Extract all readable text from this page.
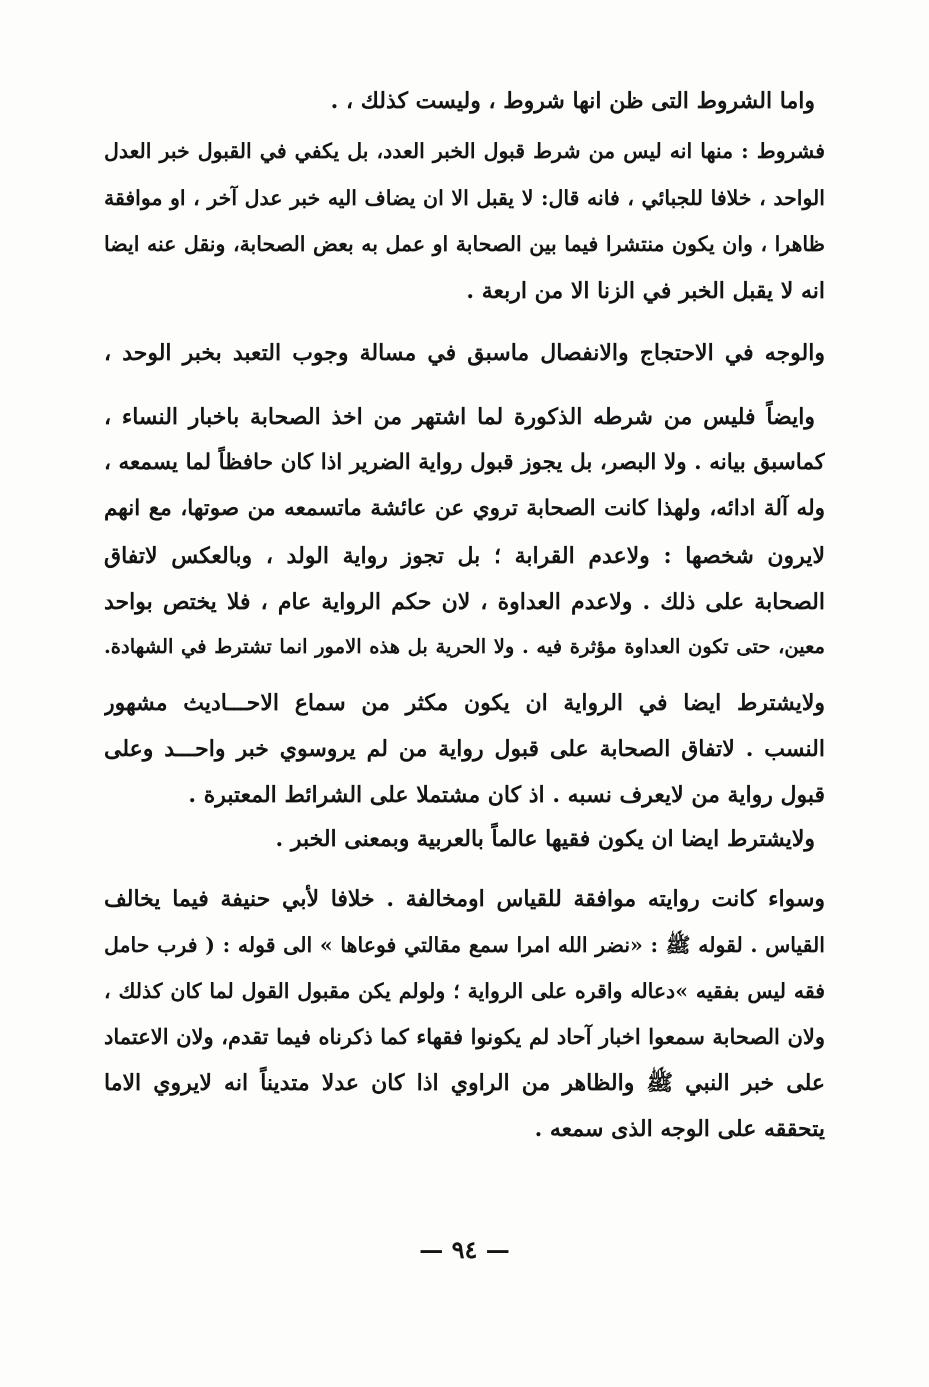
واما الشروط التى ظن انها شروط ، وليست كذلك ، .
فشروط : منها انه ليس من شرط قبول الخبر العدد، بل يكفي في القبول خبر العدل
الواحد ، خلافا للجبائي ، فانه قال: لا يقبل الا ان يضاف اليه خبر عدل آخر ، او موافقة
ظاهرا ، وان يكون منتشرا فيما بين الصحابة او عمل به بعض الصحابة، ونقل عنه ايضا
انه لا يقبل الخبر في الزنا الا من اربعة .
والوجه في الاحتجاج والانفصال ماسبق في مسالة وجوب التعبد بخبر الوحد ،
وايضاً فليس من شرطه الذكورة لما اشتهر من اخذ الصحابة باخبار النساء ،
كماسبق بيانه . ولا البصر، بل يجوز قبول رواية الضرير اذا كان حافظاً لما يسمعه ،
وله آلة ادائه، ولهذا كانت الصحابة تروي عن عائشة ماتسمعه من صوتها، مع انهم
لايرون شخصها : ولاعدم القرابة ؛ بل تجوز رواية الولد ، وبالعكس لاتفاق
الصحابة على ذلك . ولاعدم العداوة ، لان حكم الرواية عام ، فلا يختص بواحد
معين، حتى تكون العداوة مؤثرة فيه . ولا الحرية بل هذه الامور انما تشترط في الشهادة.
ولايشترط ايضا في الرواية ان يكون مكثر من سماع الاحـــاديث مشهور
النسب . لاتفاق الصحابة على قبول رواية من لم يروسوي خبر واحـــد وعلى
قبول رواية من لايعرف نسبه . اذ كان مشتملا على الشرائط المعتبرة .
ولايشترط ايضا ان يكون فقيها عالماً بالعربية وبمعنى الخبر .
وسواء كانت روايته موافقة للقياس اومخالفة . خلافا لأبي حنيفة فيما يخالف
القياس . لقوله ﷺ : «نضر الله امرا سمع مقالتي فوعاها » الى قوله : ( فرب حامل
فقه ليس بفقيه »دعاله واقره على الرواية ؛ ولولم يكن مقبول القول لما كان كذلك ،
ولان الصحابة سمعوا اخبار آحاد لم يكونوا فقهاء كما ذكرناه فيما تقدم، ولان الاعتماد
على خبر النبي ﷺ والظاهر من الراوي اذا كان عدلا متديناً انه لايروي الاما
يتحققه على الوجه الذى سمعه .
— ٩٤ —
